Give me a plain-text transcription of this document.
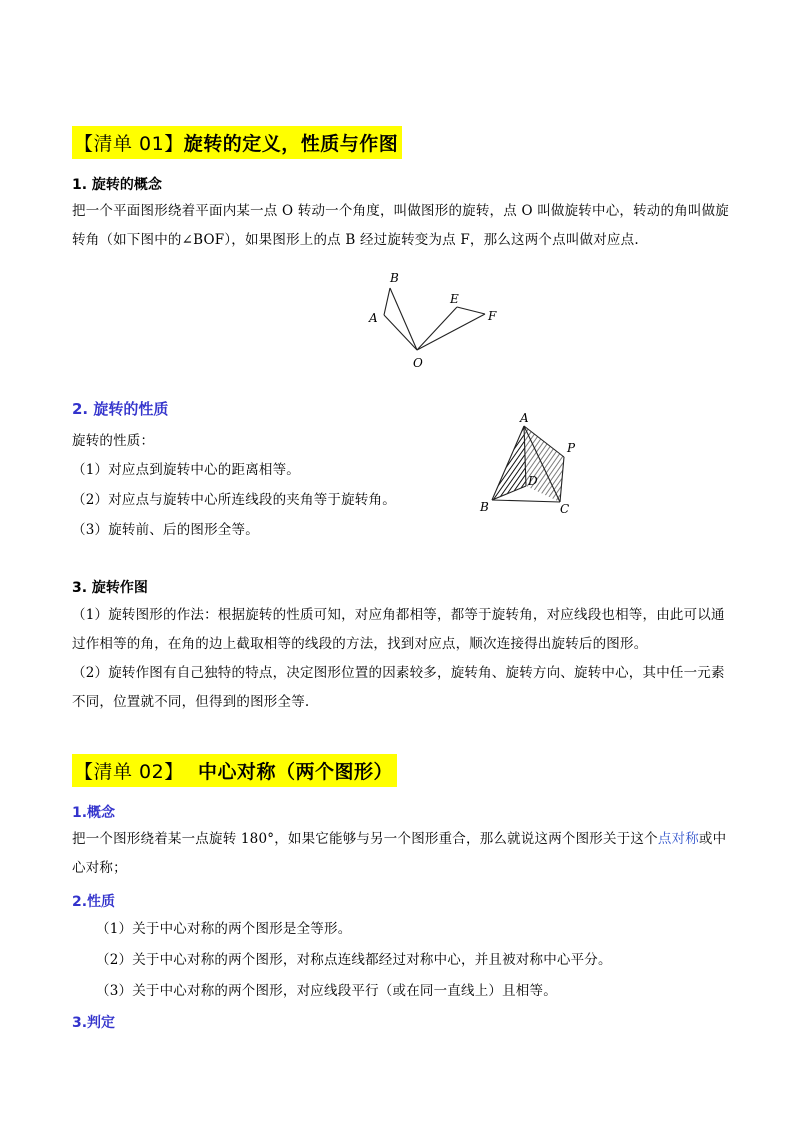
【清单 01】旋转的定义，性质与作图
1. 旋转的概念
把一个平面图形绕着平面内某一点 O 转动一个角度，叫做图形的旋转，点 O 叫做旋转中心，转动的角叫做旋转角（如下图中的∠BOF），如果图形上的点 B 经过旋转变为点 F，那么这两个点叫做对应点.
B
A
E
F
O
2. 旋转的性质
旋转的性质：
（1）对应点到旋转中心的距离相等。
（2）对应点与旋转中心所连线段的夹角等于旋转角。
（3）旋转前、后的图形全等。
A
P
D
B	C
3. 旋转作图
（1）旋转图形的作法：根据旋转的性质可知，对应角都相等，都等于旋转角，对应线段也相等，由此可以通过作相等的角，在角的边上截取相等的线段的方法，找到对应点，顺次连接得出旋转后的图形。
（2）旋转作图有自己独特的特点，决定图形位置的因素较多，旋转角、旋转方向、旋转中心，其中任一元素不同，位置就不同，但得到的图形全等.
【清单 02】 中心对称（两个图形）
1.概念
把一个图形绕着某一点旋转 180°，如果它能够与另一个图形重合，那么就说这两个图形关于这个点对称或中心对称；
2.性质
（1）关于中心对称的两个图形是全等形。
（2）关于中心对称的两个图形，对称点连线都经过对称中心，并且被对称中心平分。
（3）关于中心对称的两个图形，对应线段平行（或在同一直线上）且相等。
3.判定
